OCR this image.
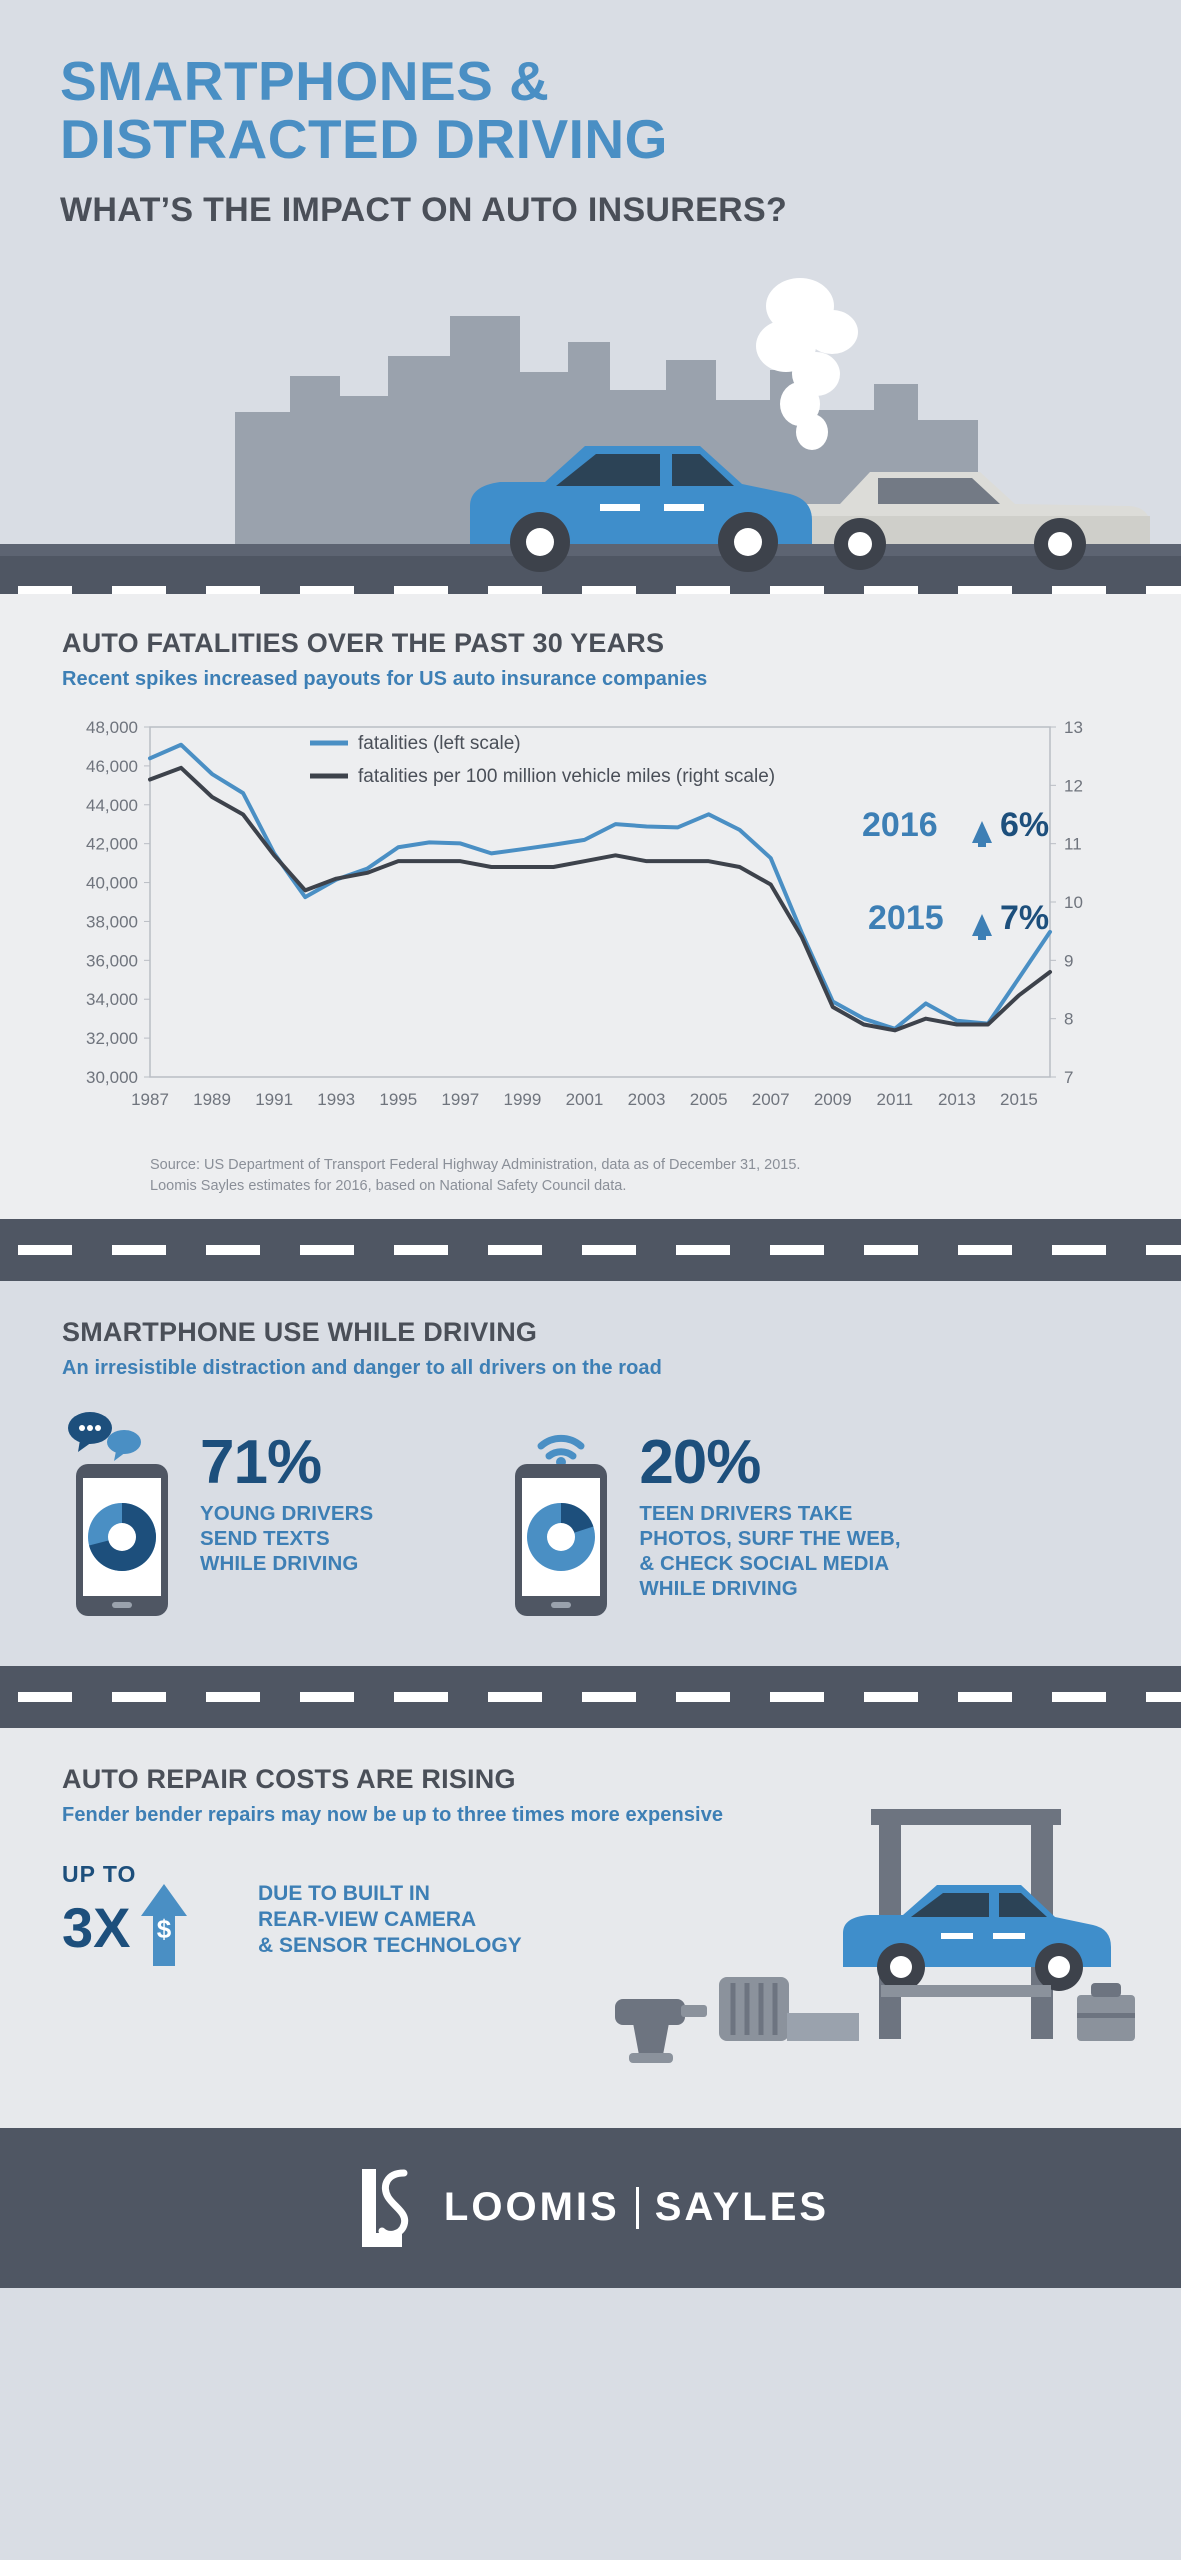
SMARTPHONES &
DISTRACTED DRIVING
WHAT’S THE IMPACT ON AUTO INSURERS?
AUTO FATALITIES OVER THE PAST 30 YEARS
Recent spikes increased payouts for US auto insurance companies
30,000
32,000
34,000
36,000
38,000
40,000
42,000
44,000
46,000
48,000
7
8
9
10
11
12
13
1987 1989 1991 1993 1995 1997 1999 2001 2003 2005 2007 2009 2011 2013 2015
fatalities (left scale)
fatalities per 100 million vehicle miles (right scale)
2016 6%
2015 7%
Source: US Department of Transport Federal Highway Administration, data as of December 31, 2015.
Loomis Sayles estimates for 2016, based on National Safety Council data.
SMARTPHONE USE WHILE DRIVING
An irresistible distraction and danger to all drivers on the road
71%
YOUNG DRIVERS
SEND TEXTS
WHILE DRIVING
20%
TEEN DRIVERS TAKE
PHOTOS, SURF THE WEB,
& CHECK SOCIAL MEDIA
WHILE DRIVING
AUTO REPAIR COSTS ARE RISING
Fender bender repairs may now be up to three times more expensive
UP TO
3X $
DUE TO BUILT IN
REAR-VIEW CAMERA
& SENSOR TECHNOLOGY
LOOMIS SAYLES
